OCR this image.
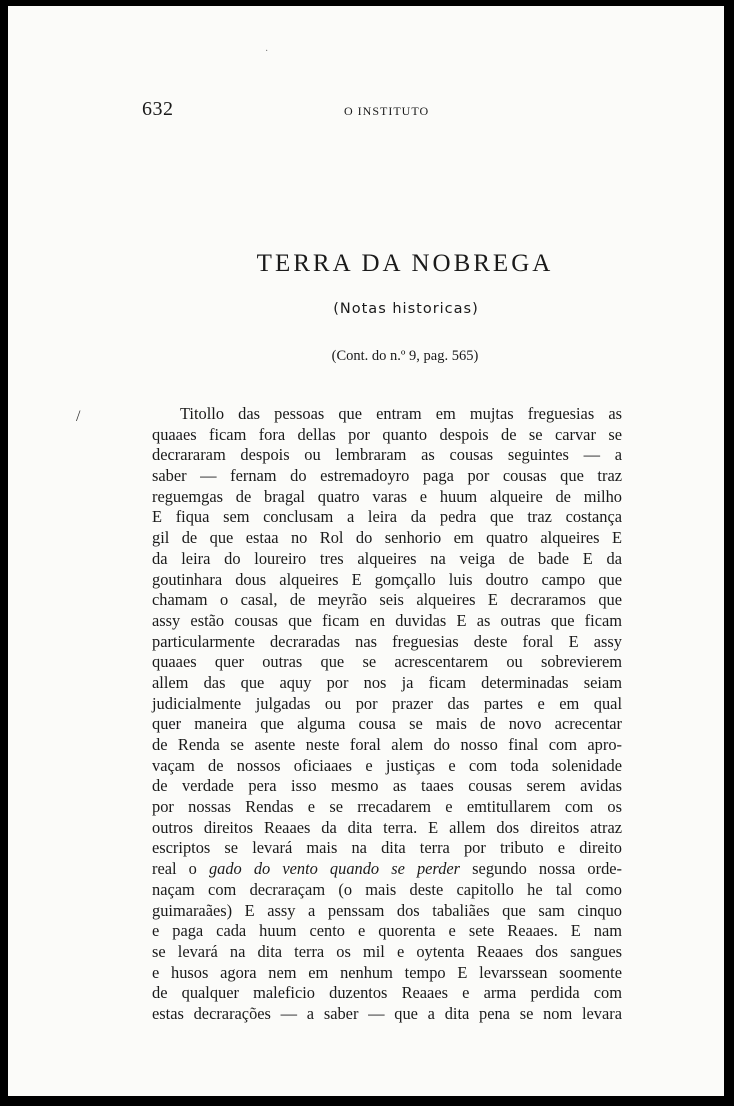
·
632	O INSTITUTO
TERRA DA NOBREGA
(Notas historicas)
(Cont. do n.º 9, pag. 565)
/	Titollo das pessoas que entram em mujtas freguesias as
quaaes ficam fora dellas por quanto despois de se carvar se
decrararam despois ou lembraram as cousas seguintes — a
saber — fernam do estremadoyro paga por cousas que traz
reguemgas de bragal quatro varas e huum alqueire de milho
E fiqua sem conclusam a leira da pedra que traz costança
gil de que estaa no Rol do senhorio em quatro alqueires E
da leira do loureiro tres alqueires na veiga de bade E da
goutinhara dous alqueires E gomçallo luis doutro campo que
chamam o casal, de meyrão seis alqueires E decraramos que
assy estão cousas que ficam en duvidas E as outras que ficam
particularmente decraradas nas freguesias deste foral E assy
quaaes quer outras que se acrescentarem ou sobrevierem
allem das que aquy por nos ja ficam determinadas seiam
judicialmente julgadas ou por prazer das partes e em qual
quer maneira que alguma cousa se mais de novo acrecentar
de Renda se asente neste foral alem do nosso final com apro-
vaçam de nossos oficiaaes e justiças e com toda solenidade
de verdade pera isso mesmo as taaes cousas serem avidas
por nossas Rendas e se rrecadarem e emtitullarem com os
outros direitos Reaaes da dita terra. E allem dos direitos atraz
escriptos se levará mais na dita terra por tributo e direito
real o gado do vento quando se perder segundo nossa orde-
naçam com decraraçam (o mais deste capitollo he tal como
guimaraães) E assy a penssam dos tabaliães que sam cinquo
e paga cada huum cento e quorenta e sete Reaaes. E nam
se levará na dita terra os mil e oytenta Reaaes dos sangues
e husos agora nem em nenhum tempo E levarssean soomente
de qualquer maleficio duzentos Reaaes e arma perdida com
estas decrarações — a saber — que a dita pena se nom levara
